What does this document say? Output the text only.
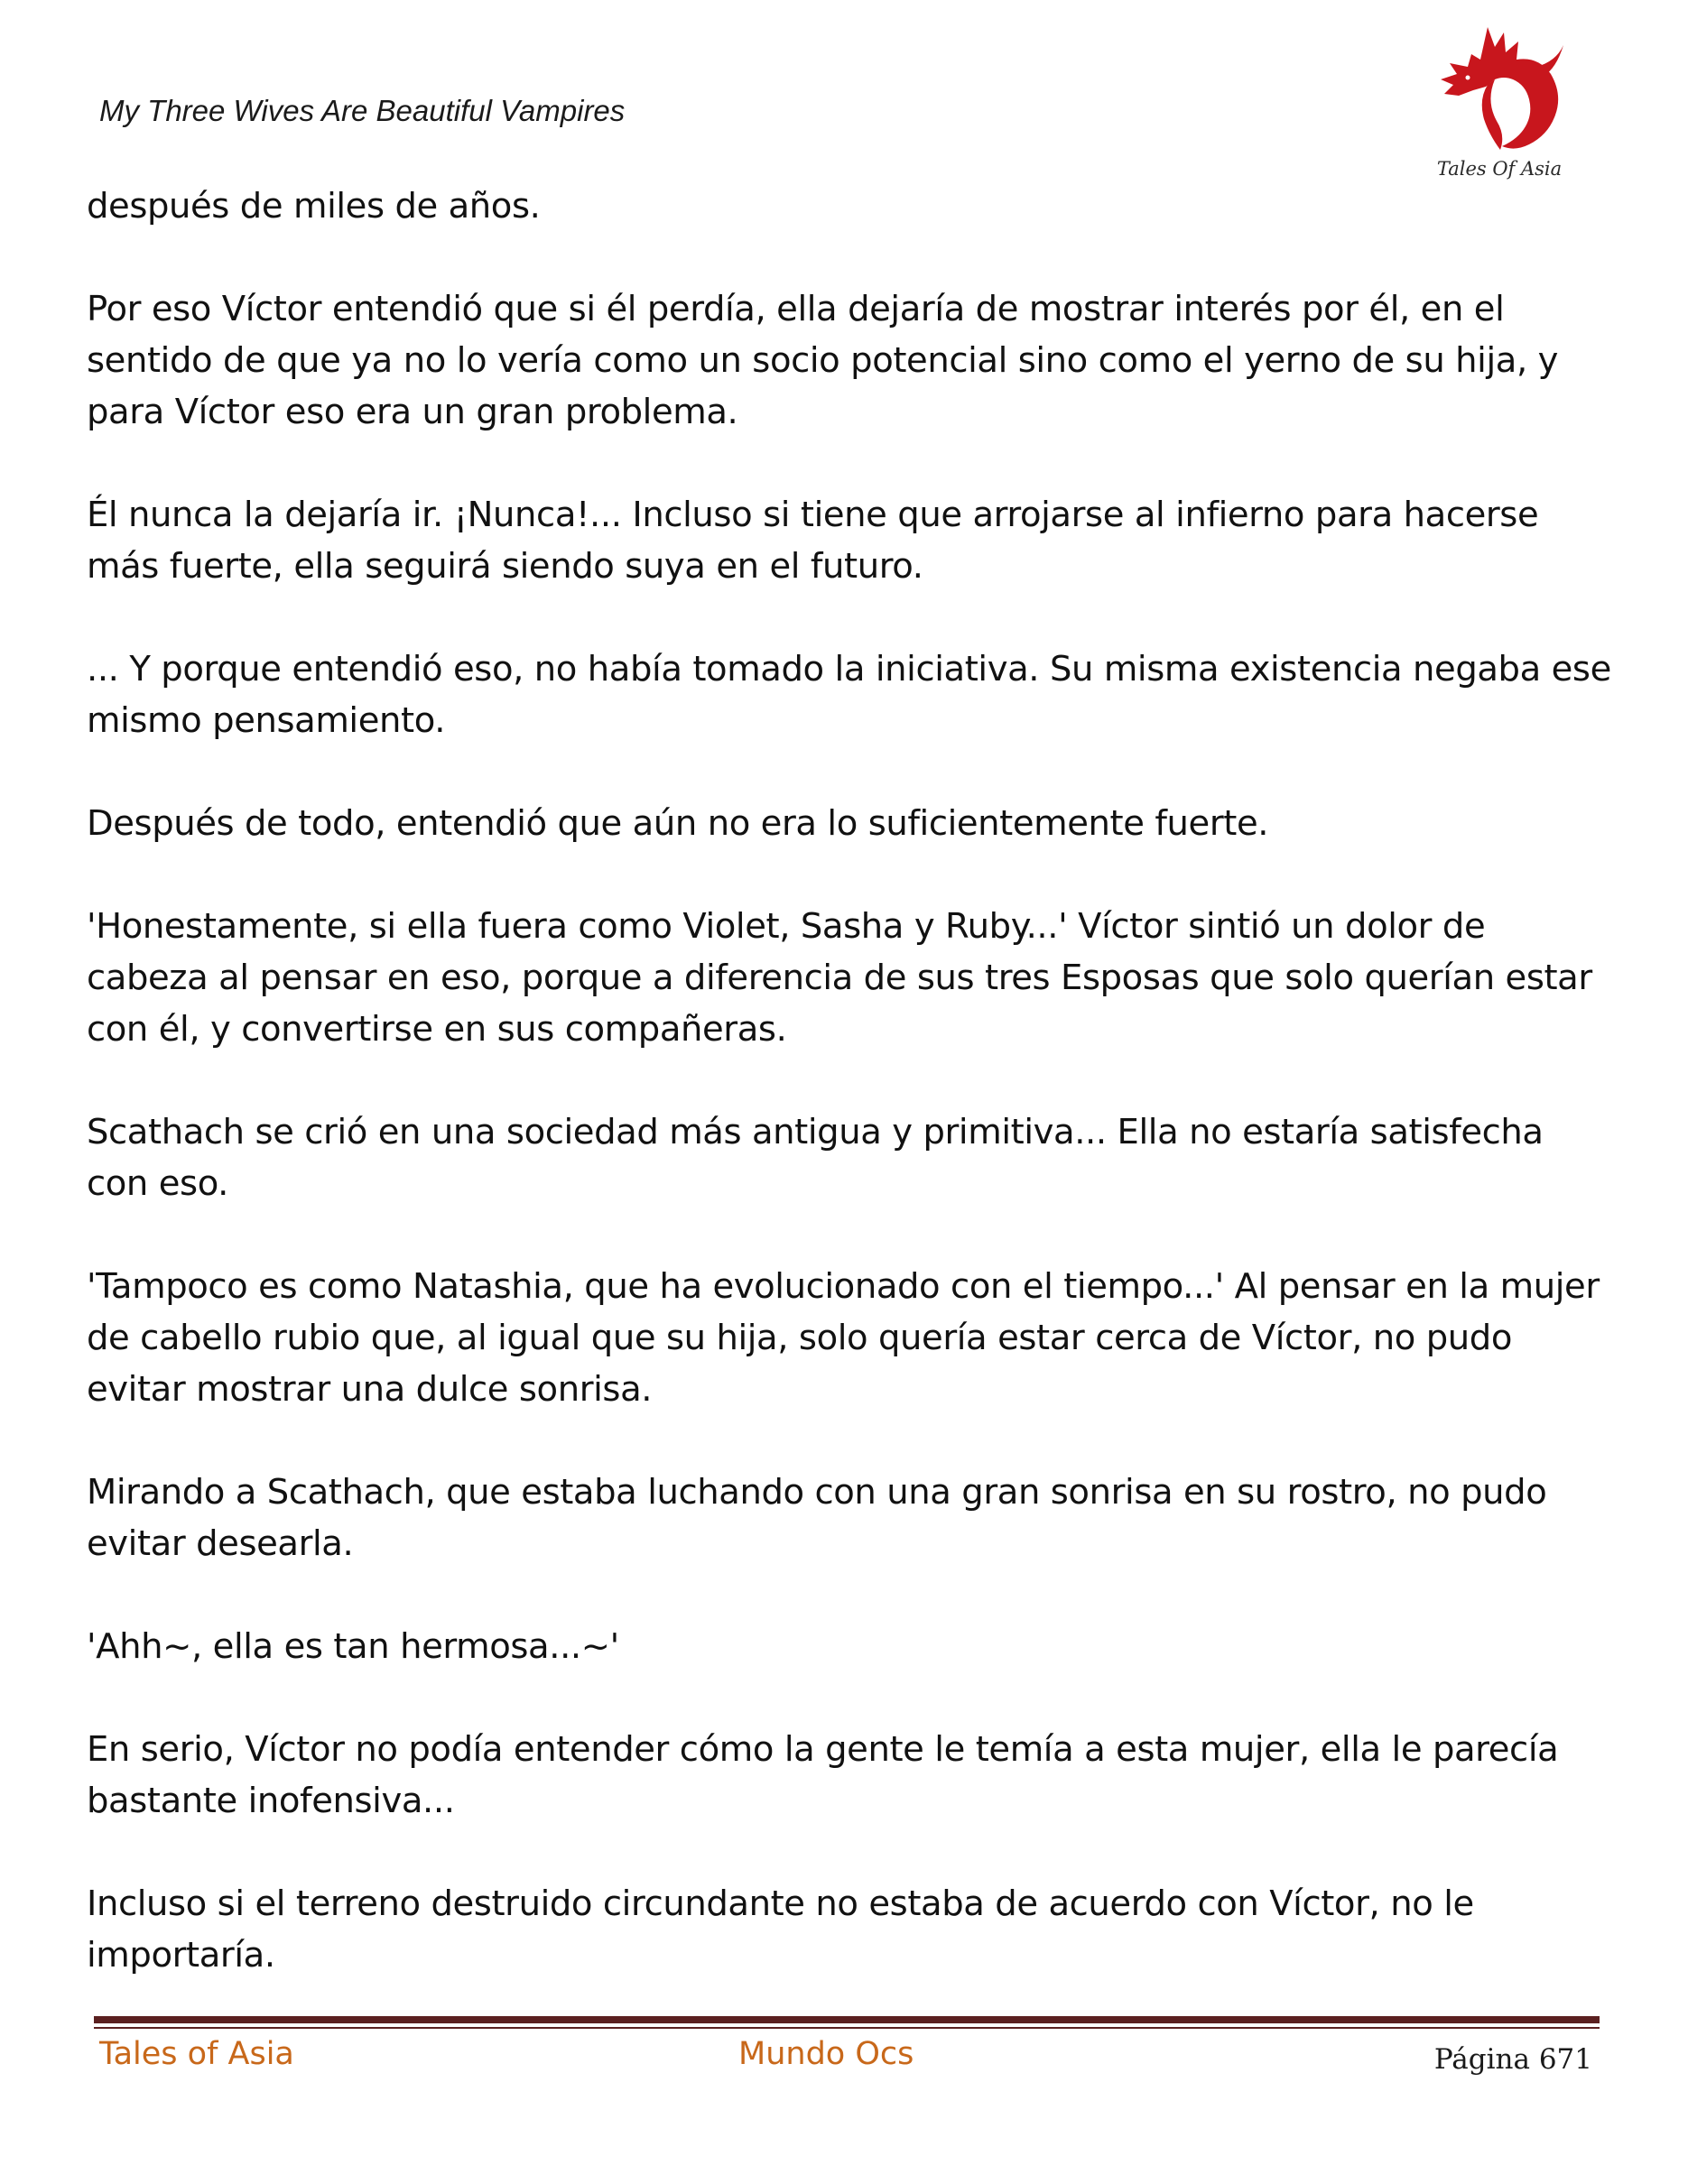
My Three Wives Are Beautiful Vampires
Tales Of Asia

después de miles de años.

Por eso Víctor entendió que si él perdía, ella dejaría de mostrar interés por él, en el sentido de que ya no lo vería como un socio potencial sino como el yerno de su hija, y para Víctor eso era un gran problema.

Él nunca la dejaría ir. ¡Nunca!... Incluso si tiene que arrojarse al infierno para hacerse más fuerte, ella seguirá siendo suya en el futuro.

... Y porque entendió eso, no había tomado la iniciativa. Su misma existencia negaba ese mismo pensamiento.

Después de todo, entendió que aún no era lo suficientemente fuerte.

'Honestamente, si ella fuera como Violet, Sasha y Ruby...' Víctor sintió un dolor de cabeza al pensar en eso, porque a diferencia de sus tres Esposas que solo querían estar con él, y convertirse en sus compañeras.

Scathach se crió en una sociedad más antigua y primitiva... Ella no estaría satisfecha con eso.

'Tampoco es como Natashia, que ha evolucionado con el tiempo...' Al pensar en la mujer de cabello rubio que, al igual que su hija, solo quería estar cerca de Víctor, no pudo evitar mostrar una dulce sonrisa.

Mirando a Scathach, que estaba luchando con una gran sonrisa en su rostro, no pudo evitar desearla.

'Ahh~, ella es tan hermosa...~'

En serio, Víctor no podía entender cómo la gente le temía a esta mujer, ella le parecía bastante inofensiva...

Incluso si el terreno destruido circundante no estaba de acuerdo con Víctor, no le importaría.

Tales of Asia	Mundo Ocs	Página 671
